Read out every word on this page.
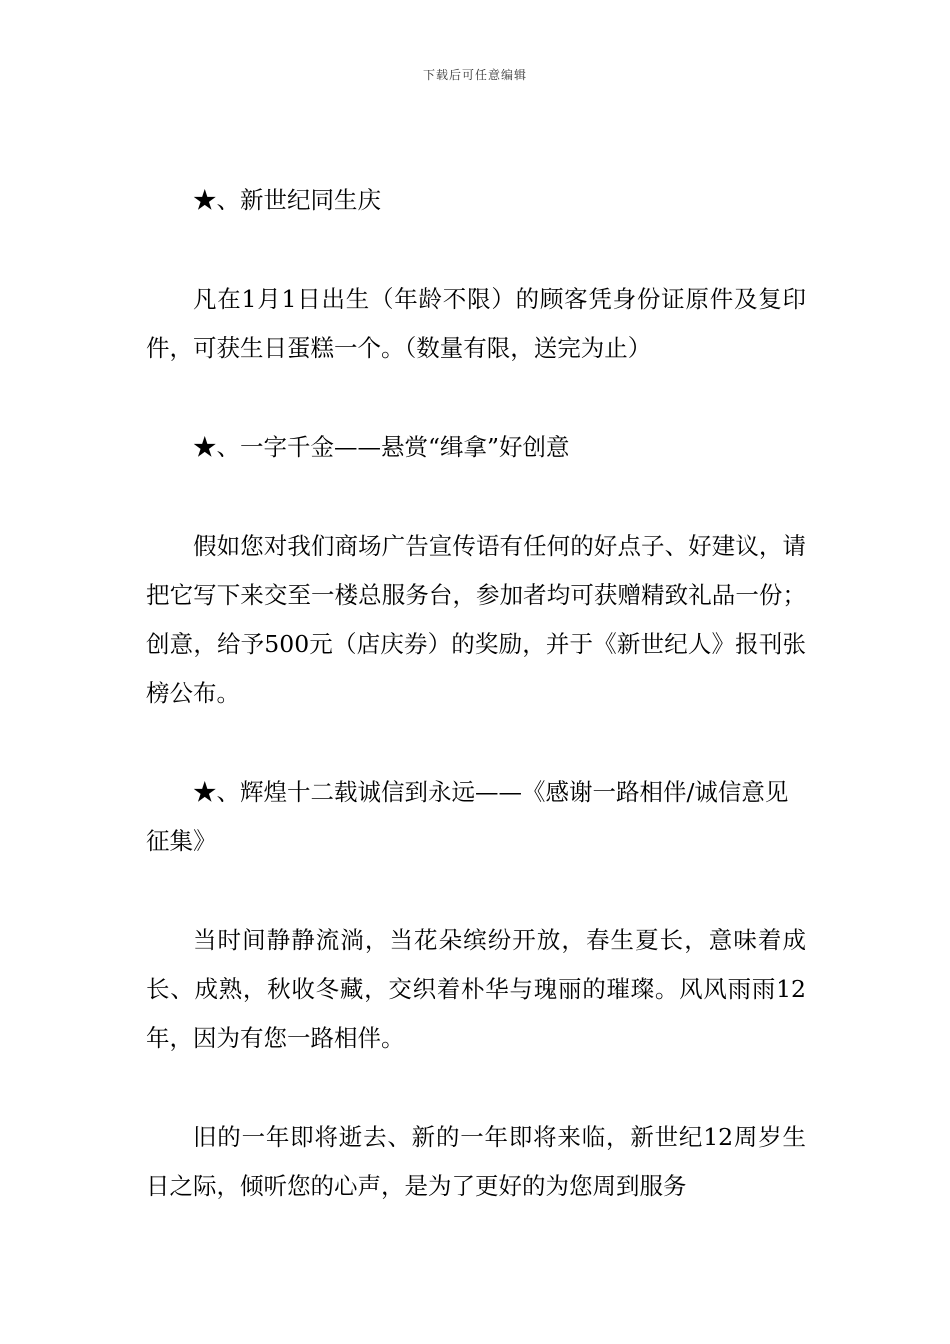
下载后可任意编辑

★、新世纪同生庆

凡在1月1日出生（年龄不限）的顾客凭身份证原件及复印件，可获生日蛋糕一个。（数量有限，送完为止）

★、一字千金——悬赏“缉拿”好创意

假如您对我们商场广告宣传语有任何的好点子、好建议，请把它写下来交至一楼总服务台，参加者均可获赠精致礼品一份；创意，给予500元（店庆券）的奖励，并于《新世纪人》报刊张榜公布。

★、辉煌十二载诚信到永远——《感谢一路相伴/诚信意见征集》

当时间静静流淌，当花朵缤纷开放，春生夏长，意味着成长、成熟，秋收冬藏，交织着朴华与瑰丽的璀璨。风风雨雨12年，因为有您一路相伴。

旧的一年即将逝去、新的一年即将来临，新世纪12周岁生日之际，倾听您的心声，是为了更好的为您周到服务
